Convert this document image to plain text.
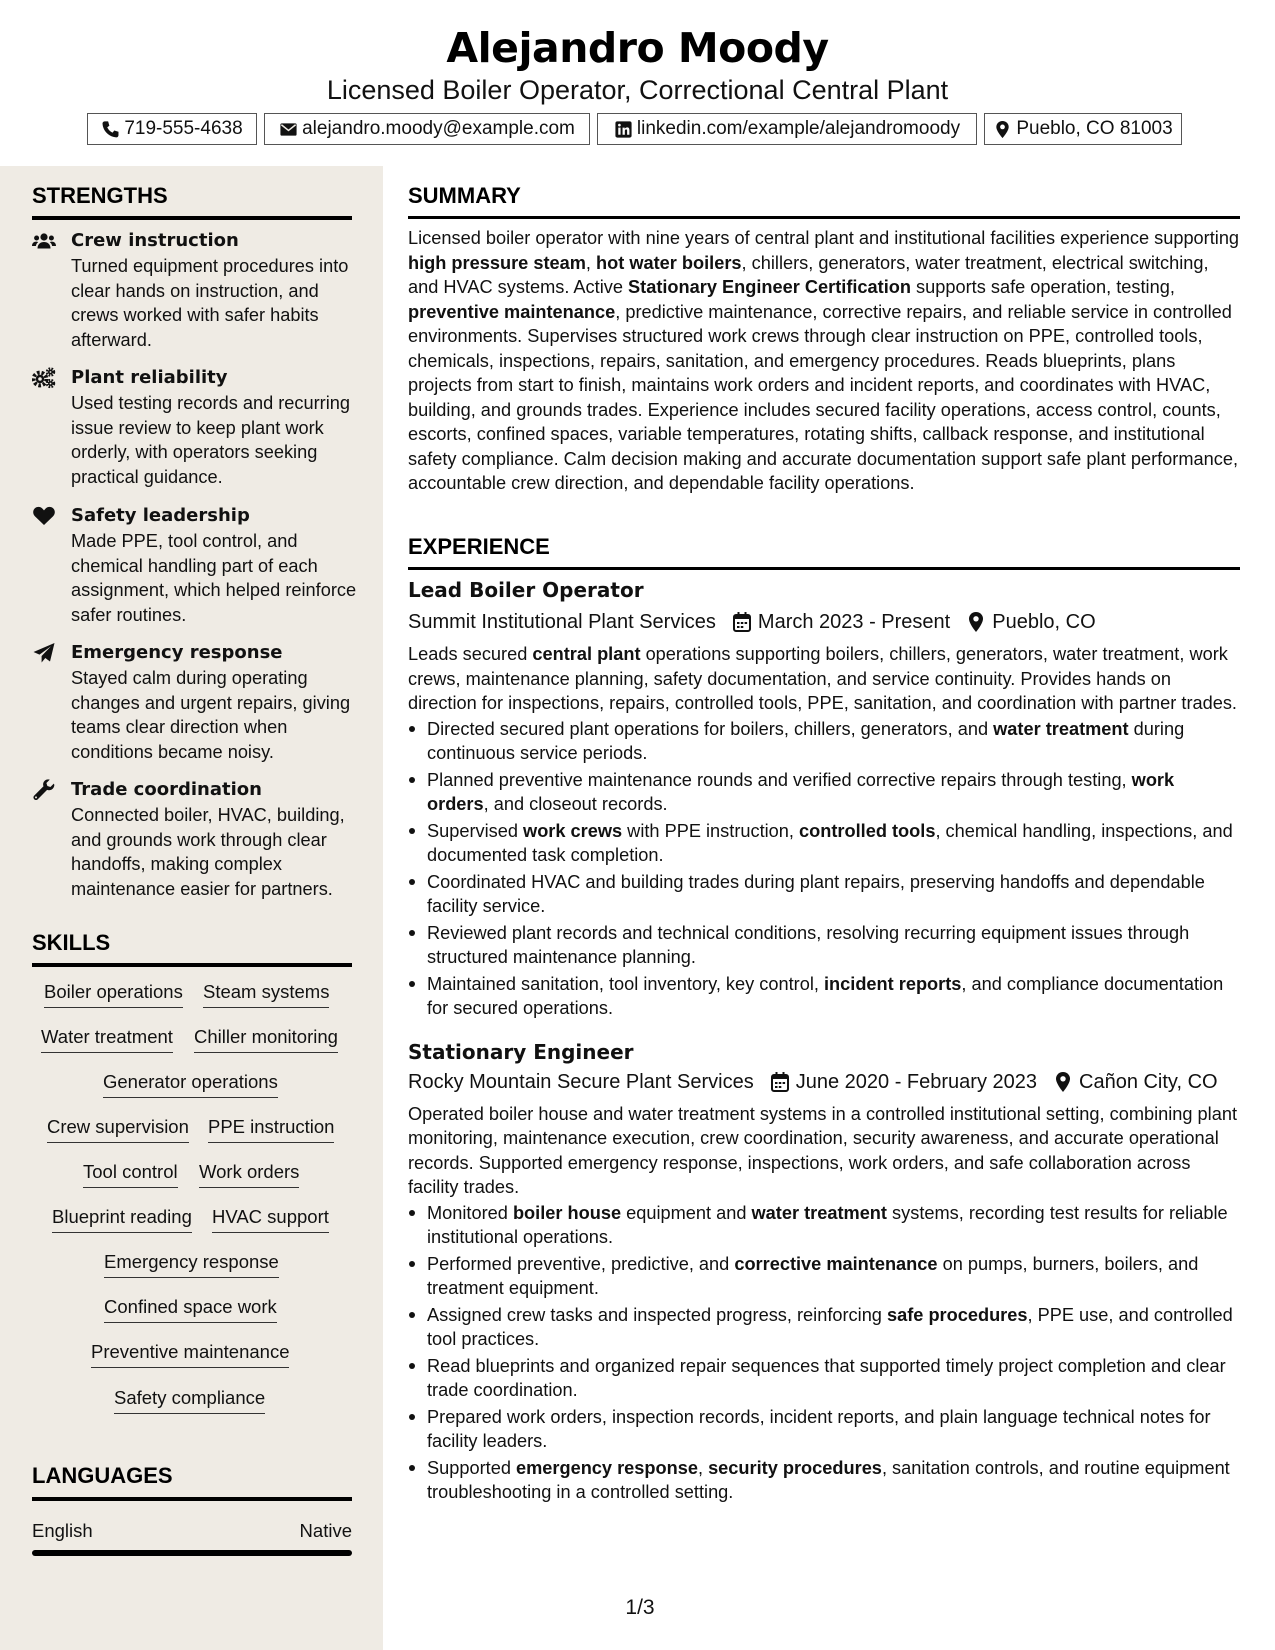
Alejandro Moody
Licensed Boiler Operator, Correctional Central Plant
719-555-4638	alejandro.moody@example.com	linkedin.com/example/alejandromoody	Pueblo, CO 81003
STRENGTHS
Crew instruction
Turned equipment procedures into clear hands on instruction, and crews worked with safer habits afterward.
Plant reliability
Used testing records and recurring issue review to keep plant work orderly, with operators seeking practical guidance.
Safety leadership
Made PPE, tool control, and chemical handling part of each assignment, which helped reinforce safer routines.
Emergency response
Stayed calm during operating changes and urgent repairs, giving teams clear direction when conditions became noisy.
Trade coordination
Connected boiler, HVAC, building, and grounds work through clear handoffs, making complex maintenance easier for partners.
SKILLS
Boiler operations Steam systems
Water treatment Chiller monitoring
Generator operations
Crew supervision PPE instruction
Tool control Work orders
Blueprint reading HVAC support
Emergency response
Confined space work
Preventive maintenance
Safety compliance
LANGUAGES
English	Native
SUMMARY
Licensed boiler operator with nine years of central plant and institutional facilities experience supporting high pressure steam, hot water boilers, chillers, generators, water treatment, electrical switching, and HVAC systems. Active Stationary Engineer Certification supports safe operation, testing, preventive maintenance, predictive maintenance, corrective repairs, and reliable service in controlled environments. Supervises structured work crews through clear instruction on PPE, controlled tools, chemicals, inspections, repairs, sanitation, and emergency procedures. Reads blueprints, plans projects from start to finish, maintains work orders and incident reports, and coordinates with HVAC, building, and grounds trades. Experience includes secured facility operations, access control, counts, escorts, confined spaces, variable temperatures, rotating shifts, callback response, and institutional safety compliance. Calm decision making and accurate documentation support safe plant performance, accountable crew direction, and dependable facility operations.
EXPERIENCE
Lead Boiler Operator
Summit Institutional Plant Services March 2023 - Present Pueblo, CO
Leads secured central plant operations supporting boilers, chillers, generators, water treatment, work crews, maintenance planning, safety documentation, and service continuity. Provides hands on direction for inspections, repairs, controlled tools, PPE, sanitation, and coordination with partner trades.
Directed secured plant operations for boilers, chillers, generators, and water treatment during continuous service periods.
Planned preventive maintenance rounds and verified corrective repairs through testing, work orders, and closeout records.
Supervised work crews with PPE instruction, controlled tools, chemical handling, inspections, and documented task completion.
Coordinated HVAC and building trades during plant repairs, preserving handoffs and dependable facility service.
Reviewed plant records and technical conditions, resolving recurring equipment issues through structured maintenance planning.
Maintained sanitation, tool inventory, key control, incident reports, and compliance documentation for secured operations.
Stationary Engineer
Rocky Mountain Secure Plant Services June 2020 - February 2023 Cañon City, CO
Operated boiler house and water treatment systems in a controlled institutional setting, combining plant monitoring, maintenance execution, crew coordination, security awareness, and accurate operational records. Supported emergency response, inspections, work orders, and safe collaboration across facility trades.
Monitored boiler house equipment and water treatment systems, recording test results for reliable institutional operations.
Performed preventive, predictive, and corrective maintenance on pumps, burners, boilers, and treatment equipment.
Assigned crew tasks and inspected progress, reinforcing safe procedures, PPE use, and controlled tool practices.
Read blueprints and organized repair sequences that supported timely project completion and clear trade coordination.
Prepared work orders, inspection records, incident reports, and plain language technical notes for facility leaders.
Supported emergency response, security procedures, sanitation controls, and routine equipment troubleshooting in a controlled setting.
1/3
